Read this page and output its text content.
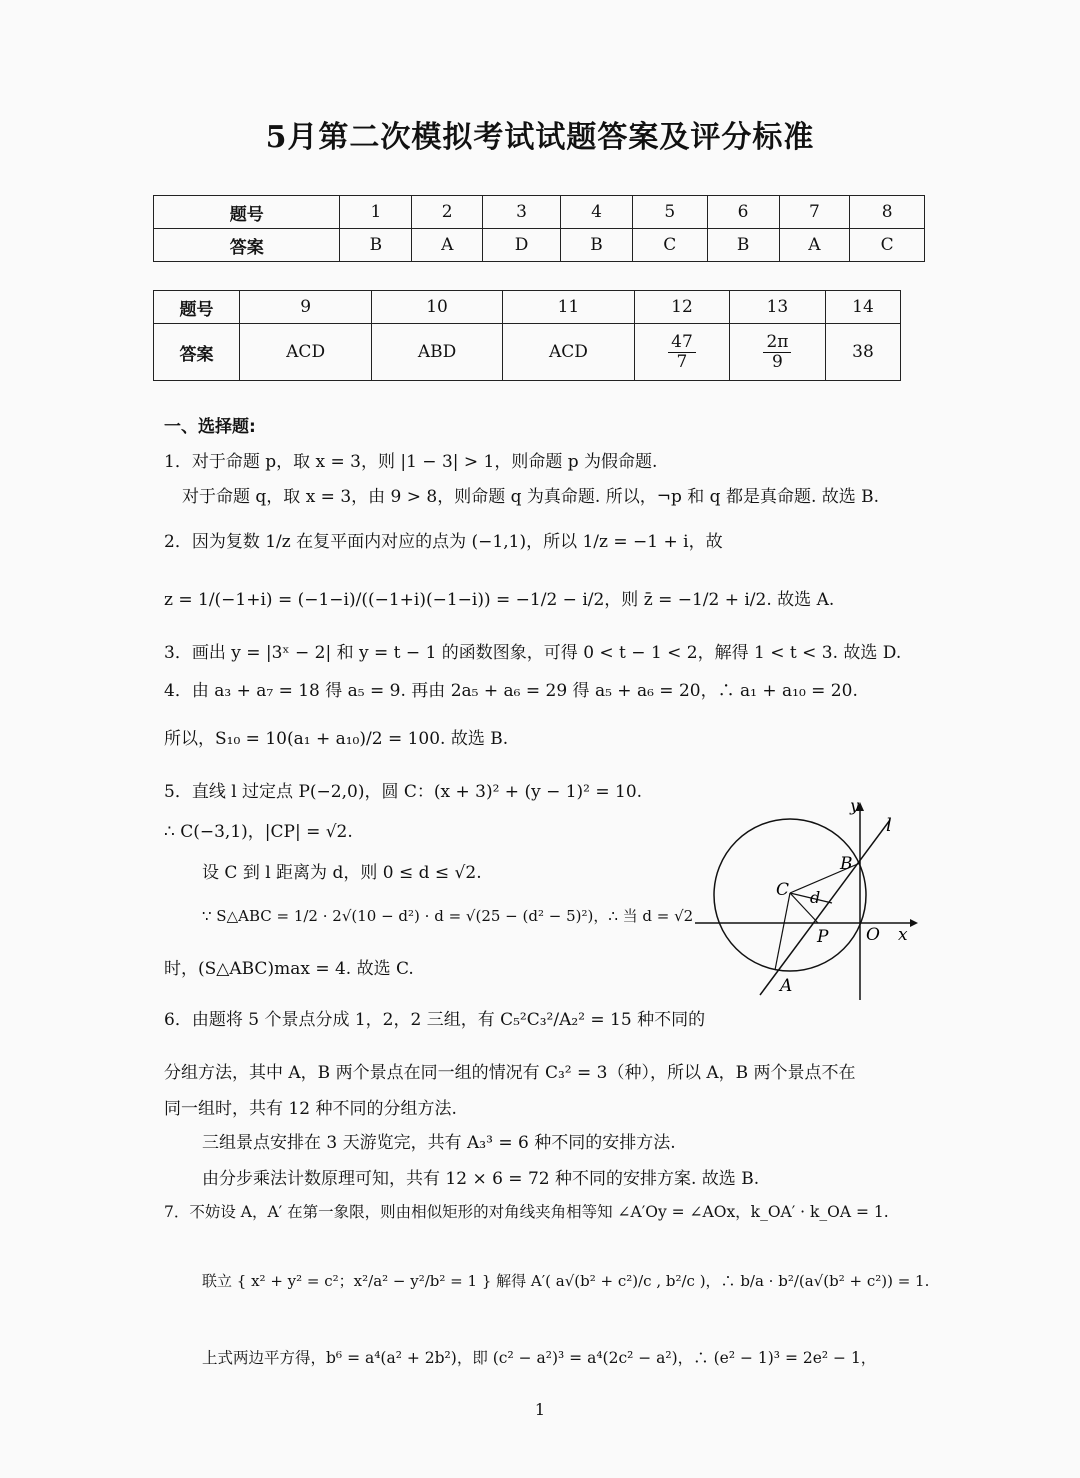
5月第二次模拟考试试题答案及评分标准
题号	1	2	3	4	5	6	7	8
答案	B	A	D	B	C	B	A	C
题号	9	10	11	12	13	14
答案	ACD	ABD	ACD	$\frac{47}{7}$	$\frac{2\pi}{9}$	38
一、选择题:
1．对于命题 p，取 x = 3，则 |1 − 3| > 1，则命题 p 为假命题.
对于命题 q，取 x = 3，由 9 > 8，则命题 q 为真命题. 所以，¬p 和 q 都是真命题. 故选 B.
2．因为复数 1/z 在复平面内对应的点为 (−1,1)，所以 1/z = −1 + i，故
z = 1/(−1+i) = (−1−i)/((−1+i)(−1−i)) = −1/2 − i/2，则 z̄ = −1/2 + i/2. 故选 A.
3．画出 y = |3ˣ − 2| 和 y = t − 1 的函数图象，可得 0 < t − 1 < 2，解得 1 < t < 3. 故选 D.
4．由 a₃ + a₇ = 18 得 a₅ = 9. 再由 2a₅ + a₆ = 29 得 a₅ + a₆ = 20，∴ a₁ + a₁₀ = 20.
所以，S₁₀ = 10(a₁ + a₁₀)/2 = 100. 故选 B.
5．直线 l 过定点 P(−2,0)，圆 C：(x + 3)² + (y − 1)² = 10.
∴ C(−3,1)，|CP| = √2.
设 C 到 l 距离为 d，则 0 ≤ d ≤ √2.
∵ S△ABC = 1/2 · 2√(10 − d²) · d = √(25 − (d² − 5)²)，∴ 当 d = √2
时，(S△ABC)max = 4. 故选 C.
6．由题将 5 个景点分成 1，2，2 三组，有 C₅²C₃²/A₂² = 15 种不同的
分组方法，其中 A，B 两个景点在同一组的情况有 C₃² = 3（种），所以 A，B 两个景点不在
同一组时，共有 12 种不同的分组方法.
三组景点安排在 3 天游览完，共有 A₃³ = 6 种不同的安排方法.
由分步乘法计数原理可知，共有 12 × 6 = 72 种不同的安排方案. 故选 B.
7．不妨设 A，A′ 在第一象限，则由相似矩形的对角线夹角相等知 ∠A′Oy = ∠AOx，k_OA′ · k_OA = 1.
联立 { x² + y² = c²；x²/a² − y²/b² = 1 } 解得 A′( a√(b² + c²)/c , b²/c )，∴ b/a · b²/(a√(b² + c²)) = 1.
上式两边平方得，b⁶ = a⁴(a² + 2b²)，即 (c² − a²)³ = a⁴(2c² − a²)，∴ (e² − 1)³ = 2e² − 1，
y
l
B
C d
P O x
A
1
